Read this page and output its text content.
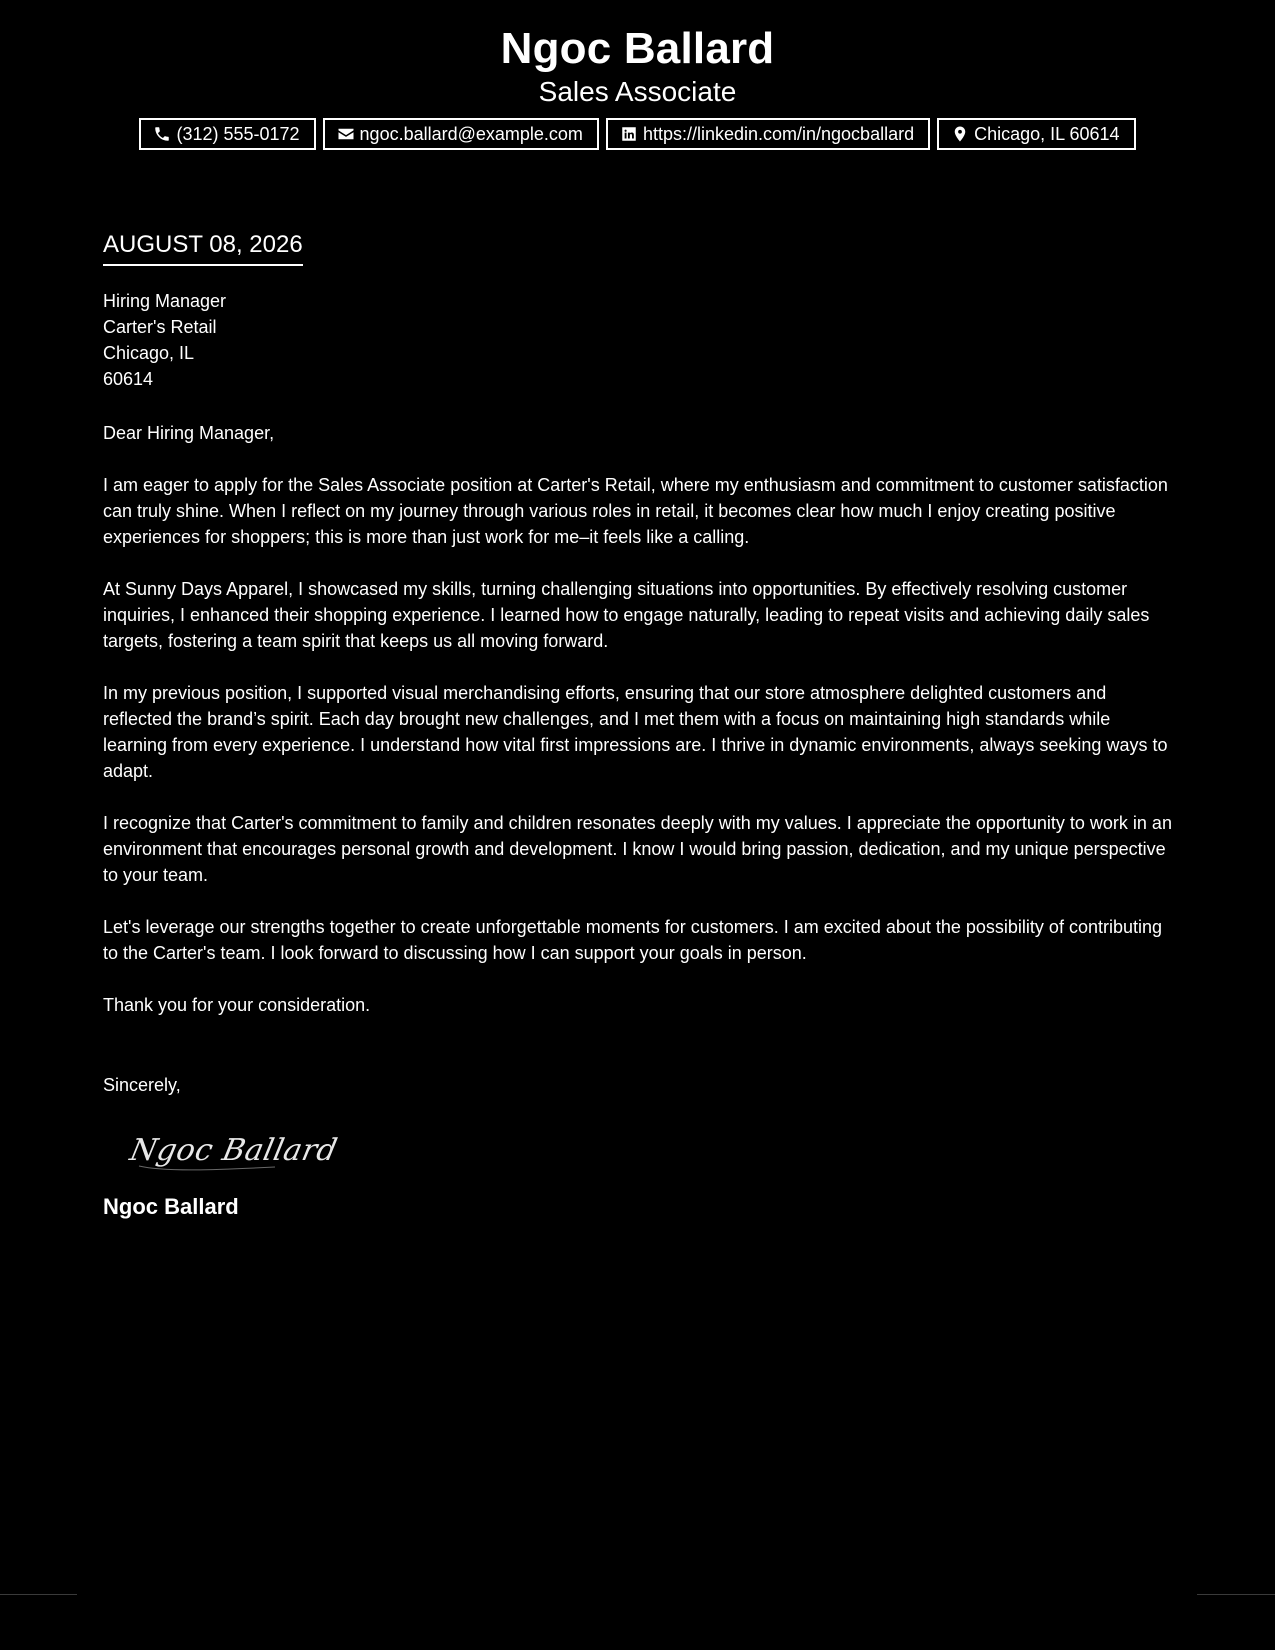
Ngoc Ballard
Sales Associate
(312) 555-0172	ngoc.ballard@example.com	https://linkedin.com/in/ngocballard	Chicago, IL 60614
AUGUST 08, 2026
Hiring Manager
Carter's Retail
Chicago, IL
60614
Dear Hiring Manager,
I am eager to apply for the Sales Associate position at Carter's Retail, where my enthusiasm and commitment to customer satisfaction can truly shine. When I reflect on my journey through various roles in retail, it becomes clear how much I enjoy creating positive experiences for shoppers; this is more than just work for me–it feels like a calling.
At Sunny Days Apparel, I showcased my skills, turning challenging situations into opportunities. By effectively resolving customer inquiries, I enhanced their shopping experience. I learned how to engage naturally, leading to repeat visits and achieving daily sales targets, fostering a team spirit that keeps us all moving forward.
In my previous position, I supported visual merchandising efforts, ensuring that our store atmosphere delighted customers and reflected the brand’s spirit. Each day brought new challenges, and I met them with a focus on maintaining high standards while learning from every experience. I understand how vital first impressions are. I thrive in dynamic environments, always seeking ways to adapt.
I recognize that Carter's commitment to family and children resonates deeply with my values. I appreciate the opportunity to work in an environment that encourages personal growth and development. I know I would bring passion, dedication, and my unique perspective to your team.
Let's leverage our strengths together to create unforgettable moments for customers. I am excited about the possibility of contributing to the Carter's team. I look forward to discussing how I can support your goals in person.
Thank you for your consideration.
Sincerely,
Ngoc Ballard
Ngoc Ballard
